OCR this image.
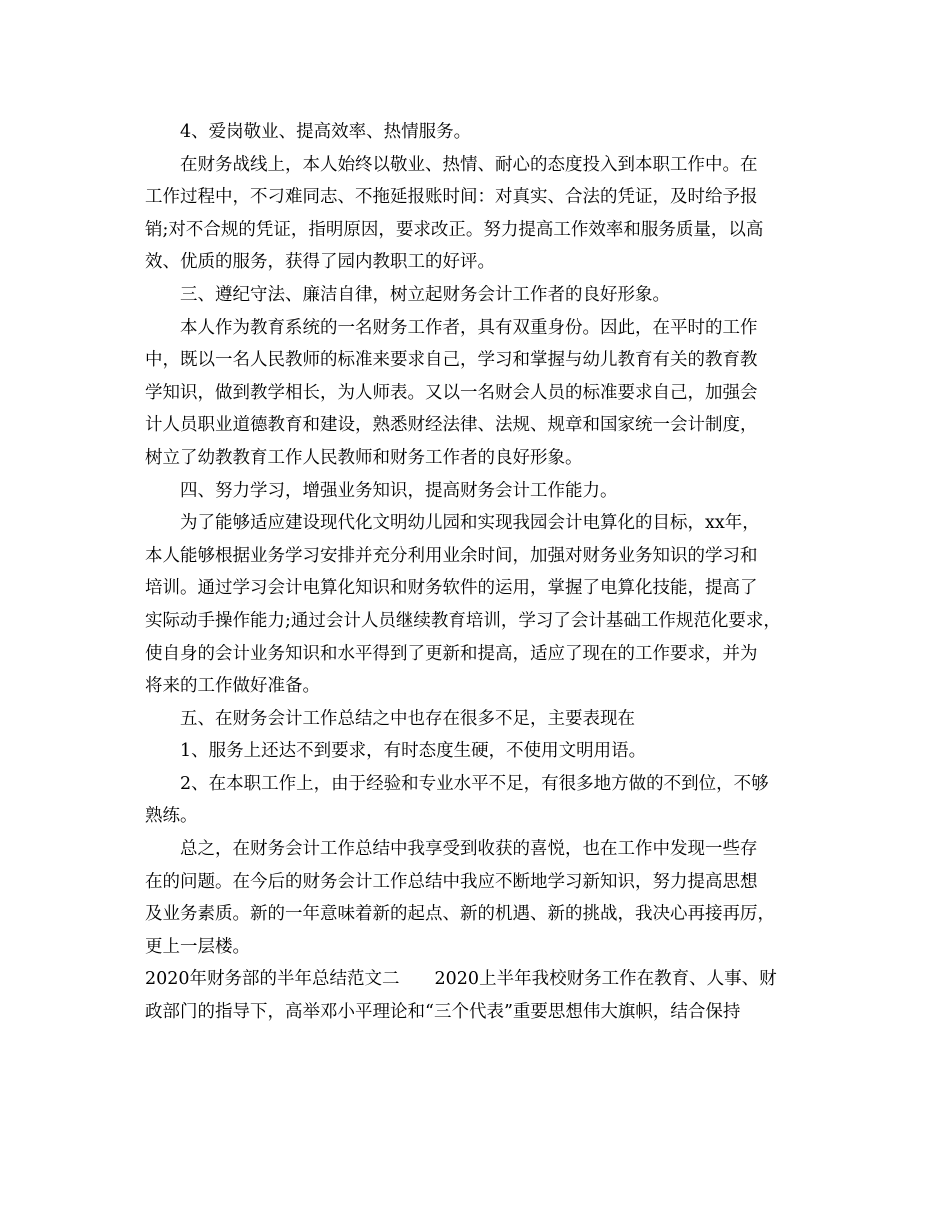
4、爱岗敬业、提高效率、热情服务。
在财务战线上，本人始终以敬业、热情、耐心的态度投入到本职工作中。在
工作过程中，不刁难同志、不拖延报账时间：对真实、合法的凭证，及时给予报
销;对不合规的凭证，指明原因，要求改正。努力提高工作效率和服务质量，以高
效、优质的服务，获得了园内教职工的好评。
三、遵纪守法、廉洁自律，树立起财务会计工作者的良好形象。
本人作为教育系统的一名财务工作者，具有双重身份。因此，在平时的工作
中，既以一名人民教师的标准来要求自己，学习和掌握与幼儿教育有关的教育教
学知识，做到教学相长，为人师表。又以一名财会人员的标准要求自己，加强会
计人员职业道德教育和建设，熟悉财经法律、法规、规章和国家统一会计制度，
树立了幼教教育工作人民教师和财务工作者的良好形象。
四、努力学习，增强业务知识，提高财务会计工作能力。
为了能够适应建设现代化文明幼儿园和实现我园会计电算化的目标，xx年，
本人能够根据业务学习安排并充分利用业余时间，加强对财务业务知识的学习和
培训。通过学习会计电算化知识和财务软件的运用，掌握了电算化技能，提高了
实际动手操作能力;通过会计人员继续教育培训，学习了会计基础工作规范化要求，
使自身的会计业务知识和水平得到了更新和提高，适应了现在的工作要求，并为
将来的工作做好准备。
五、在财务会计工作总结之中也存在很多不足，主要表现在
1、服务上还达不到要求，有时态度生硬，不使用文明用语。
2、在本职工作上，由于经验和专业水平不足，有很多地方做的不到位，不够
熟练。
总之，在财务会计工作总结中我享受到收获的喜悦，也在工作中发现一些存
在的问题。在今后的财务会计工作总结中我应不断地学习新知识，努力提高思想
及业务素质。新的一年意味着新的起点、新的机遇、新的挑战，我决心再接再厉，
更上一层楼。
2020年财务部的半年总结范文二　　2020上半年我校财务工作在教育、人事、财
政部门的指导下，高举邓小平理论和“三个代表”重要思想伟大旗帜，结合保持
